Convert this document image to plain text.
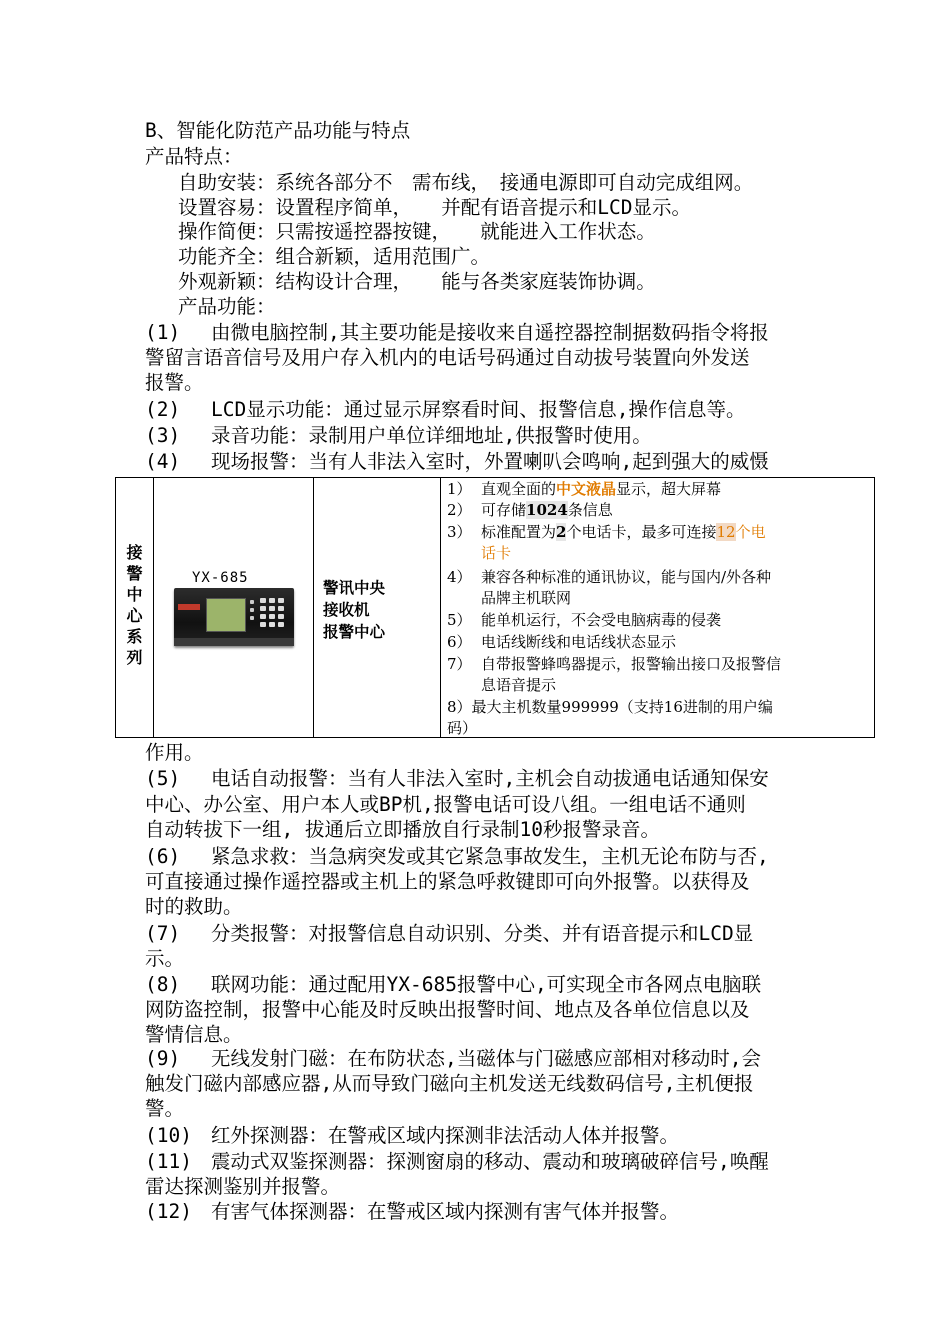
B、智能化防范产品功能与特点
产品特点：
自助安装：系统各部分不　需布线，　接通电源即可自动完成组网。
设置容易：设置程序简单，　　并配有语音提示和LCD显示。
操作简便：只需按遥控器按键，　　就能进入工作状态。
功能齐全：组合新颖，适用范围广。
外观新颖：结构设计合理，　　能与各类家庭装饰协调。
产品功能：
(1) 由微电脑控制,其主要功能是接收来自遥控器控制据数码指令将报
警留言语音信号及用户存入机内的电话号码通过自动拔号装置向外发送
报警。
(2) LCD显示功能：通过显示屏察看时间、报警信息,操作信息等。
(3) 录音功能：录制用户单位详细地址,供报警时使用。
(4) 现场报警：当有人非法入室时，外置喇叭会鸣响,起到强大的威慑
接
警
中
心
系
列
YX-685
警讯中央
接收机
报警中心
1） 直观全面的中文液晶显示，超大屏幕
2） 可存储1024条信息
3） 标准配置为2个电话卡，最多可连接12个电
话卡
4） 兼容各种标准的通讯协议，能与国内/外各种
品牌主机联网
5） 能单机运行，不会受电脑病毒的侵袭
6） 电话线断线和电话线状态显示
7） 自带报警蜂鸣器提示，报警输出接口及报警信
息语音提示
8）最大主机数量999999（支持16进制的用户编
码）
作用。
(5) 电话自动报警：当有人非法入室时,主机会自动拔通电话通知保安
中心、办公室、用户本人或BP机,报警电话可设八组。一组电话不通则
自动转拔下一组, 拔通后立即播放自行录制10秒报警录音。
(6) 紧急求救：当急病突发或其它紧急事故发生，主机无论布防与否,
可直接通过操作遥控器或主机上的紧急呼救键即可向外报警。以获得及
时的救助。
(7) 分类报警：对报警信息自动识别、分类、并有语音提示和LCD显
示。
(8) 联网功能：通过配用YX-685报警中心,可实现全市各网点电脑联
网防盗控制，报警中心能及时反映出报警时间、地点及各单位信息以及
警情信息。
(9) 无线发射门磁：在布防状态,当磁体与门磁感应部相对移动时,会
触发门磁内部感应器,从而导致门磁向主机发送无线数码信号,主机便报
警。
(10) 红外探测器：在警戒区域内探测非法活动人体并报警。
(11) 震动式双鉴探测器：探测窗扇的移动、震动和玻璃破碎信号,唤醒
雷达探测鉴别并报警。
(12) 有害气体探测器：在警戒区域内探测有害气体并报警。
